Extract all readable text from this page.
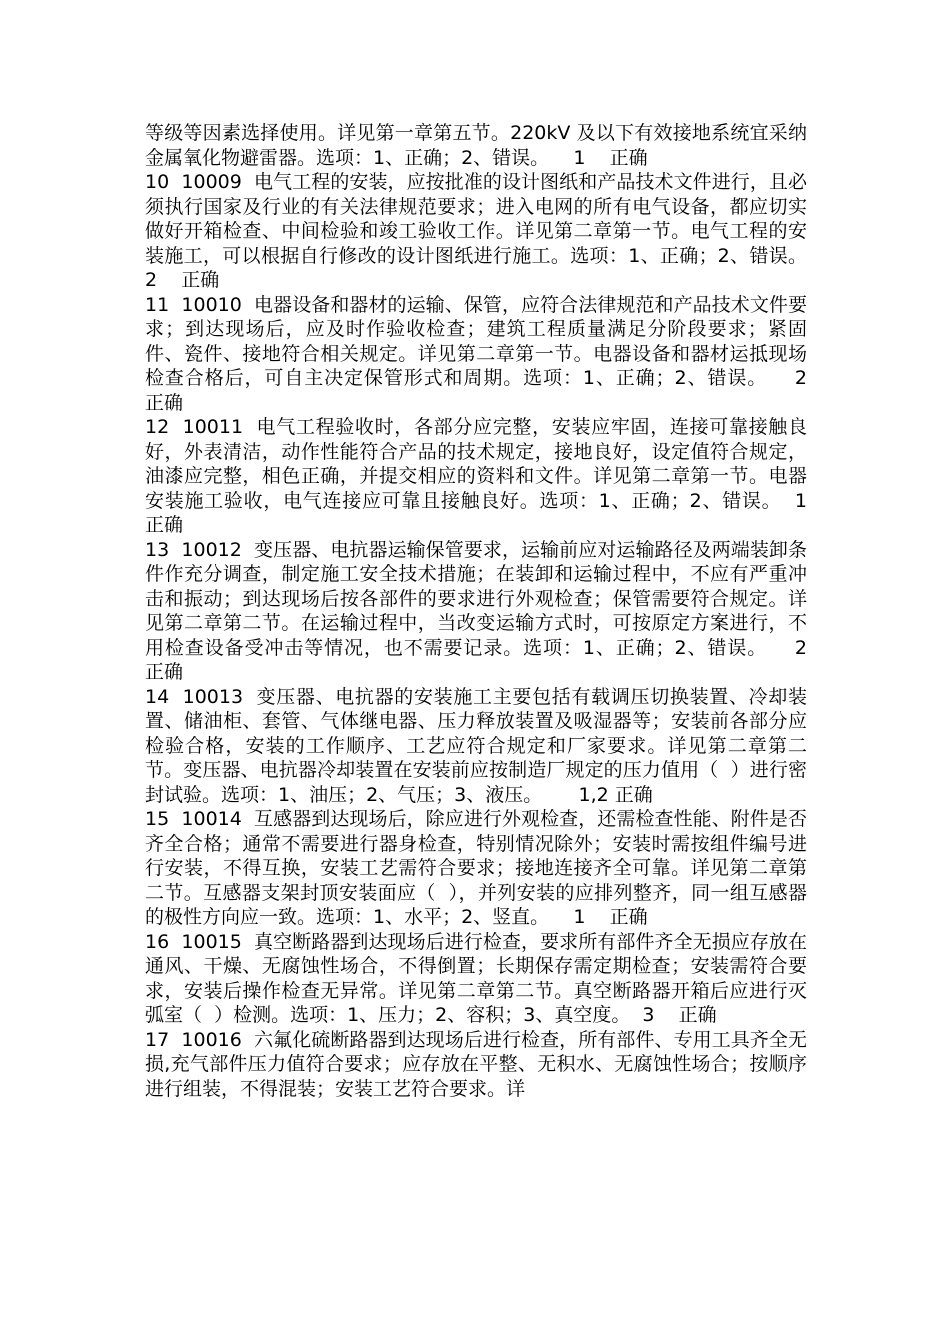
等级等因素选择使用。详见第一章第五节。220kV 及以下有效接地系统宜采纳金属氧化物避雷器。选项：1、正确；2、错误。    1    正确

10  10009  电气工程的安装，应按批准的设计图纸和产品技术文件进行，且必须执行国家及行业的有关法律规范要求；进入电网的所有电气设备，都应切实做好开箱检查、中间检验和竣工验收工作。详见第二章第一节。电气工程的安装施工，可以根据自行修改的设计图纸进行施工。选项：1、正确；2、错误。  2    正确

11  10010  电器设备和器材的运输、保管，应符合法律规范和产品技术文件要求；到达现场后，应及时作验收检查；建筑工程质量满足分阶段要求；紧固件、瓷件、接地符合相关规定。详见第二章第一节。电器设备和器材运抵现场检查合格后，可自主决定保管形式和周期。选项：1、正确；2、错误。    2    正确

12  10011  电气工程验收时，各部分应完整，安装应牢固，连接可靠接触良好，外表清洁，动作性能符合产品的技术规定，接地良好，设定值符合规定，油漆应完整，相色正确，并提交相应的资料和文件。详见第二章第一节。电器安装施工验收，电气连接应可靠且接触良好。选项：1、正确；2、错误。  1    正确

13  10012  变压器、电抗器运输保管要求，运输前应对运输路径及两端装卸条件作充分调查，制定施工安全技术措施；在装卸和运输过程中，不应有严重冲击和振动；到达现场后按各部件的要求进行外观检查；保管需要符合规定。详见第二章第二节。在运输过程中，当改变运输方式时，可按原定方案进行，不用检查设备受冲击等情况，也不需要记录。选项：1、正确；2、错误。    2    正确

14  10013  变压器、电抗器的安装施工主要包括有载调压切换装置、冷却装置、储油柜、套管、气体继电器、压力释放装置及吸湿器等；安装前各部分应检验合格，安装的工作顺序、工艺应符合规定和厂家要求。详见第二章第二节。变压器、电抗器冷却装置在安装前应按制造厂规定的压力值用（  ）进行密封试验。选项：1、油压；2、气压；3、液压。      1,2 正确

15  10014  互感器到达现场后，除应进行外观检查，还需检查性能、附件是否齐全合格；通常不需要进行器身检查，特别情况除外；安装时需按组件编号进行安装，不得互换，安装工艺需符合要求；接地连接齐全可靠。详见第二章第二节。互感器支架封顶安装面应（  ），并列安装的应排列整齐，同一组互感器的极性方向应一致。选项：1、水平；2、竖直。    1    正确

16  10015  真空断路器到达现场后进行检查，要求所有部件齐全无损应存放在通风、干燥、无腐蚀性场合，不得倒置；长期保存需定期检查；安装需符合要求，安装后操作检查无异常。详见第二章第二节。真空断路器开箱后应进行灭弧室（  ）检测。选项：1、压力；2、容积；3、真空度。  3    正确

17  10016  六氟化硫断路器到达现场后进行检查，所有部件、专用工具齐全无损,充气部件压力值符合要求；应存放在平整、无积水、无腐蚀性场合；按顺序进行组装，不得混装；安装工艺符合要求。详
